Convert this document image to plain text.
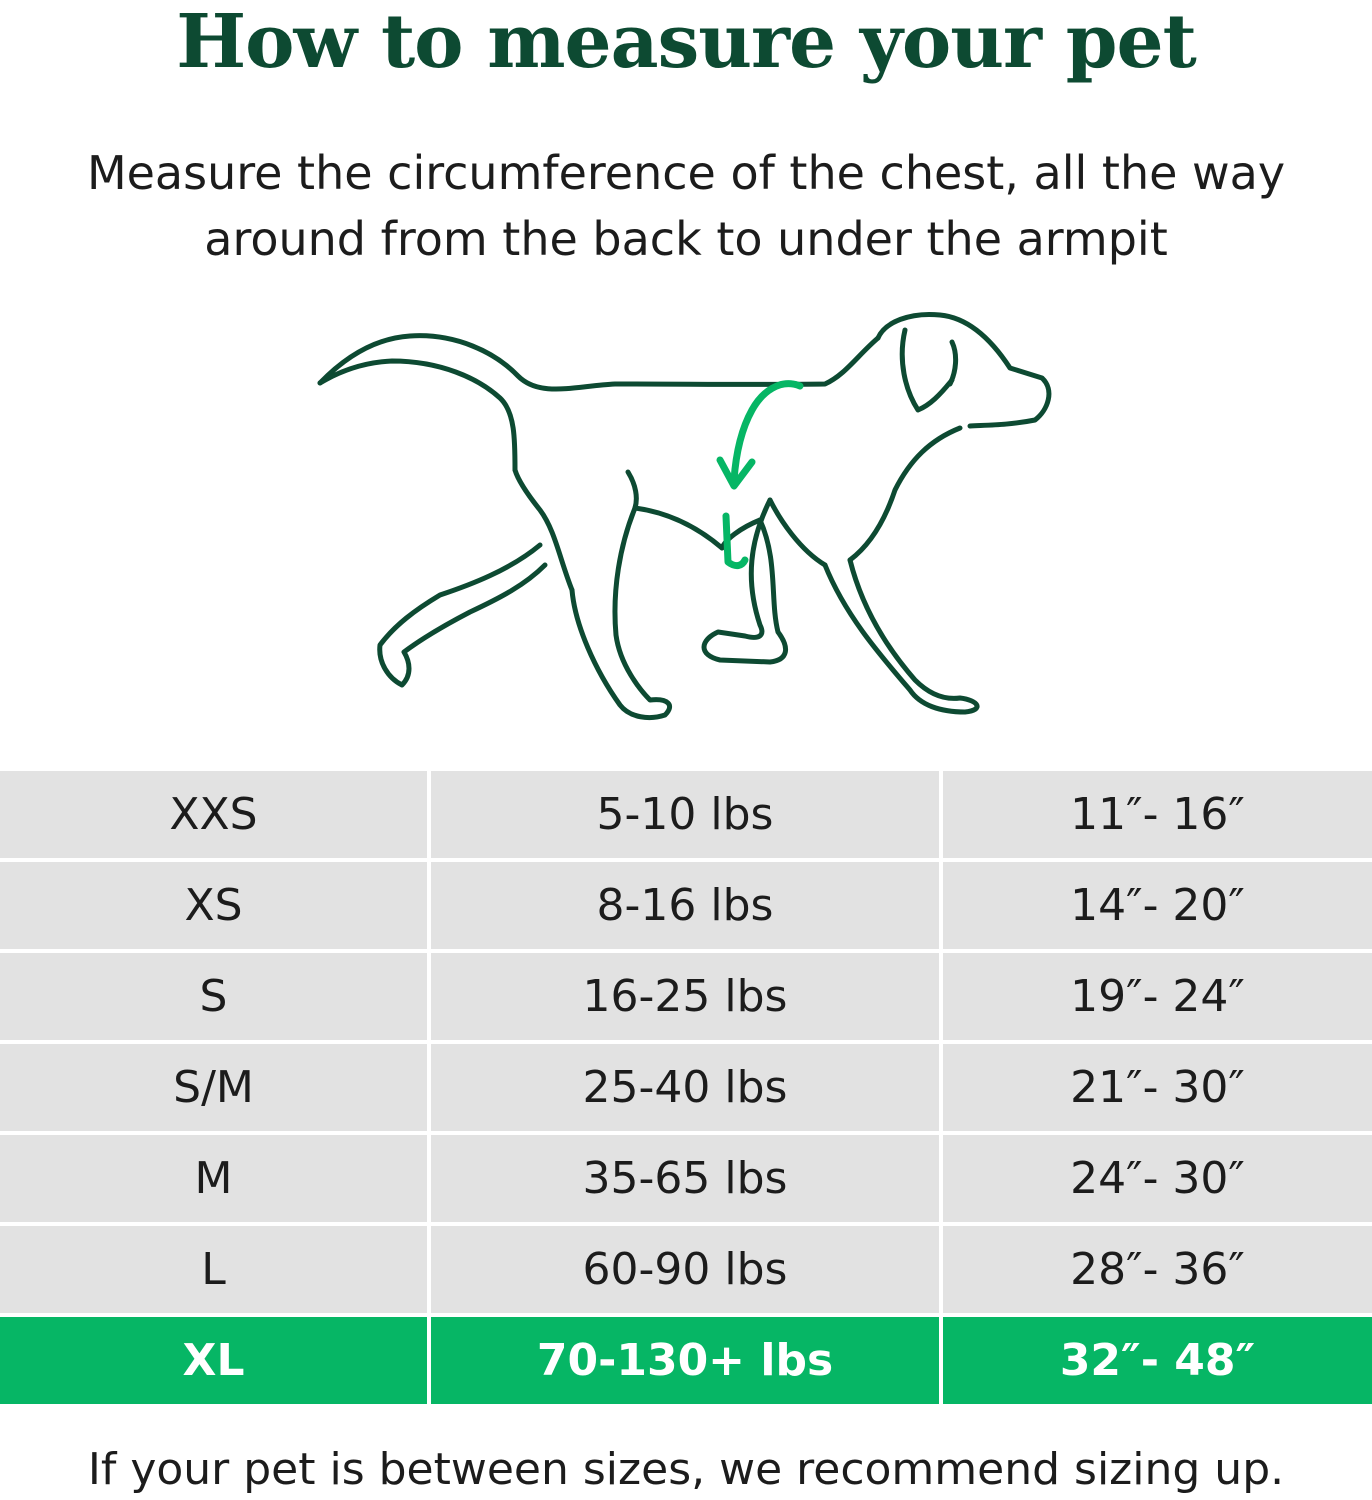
How to measure your pet

Measure the circumference of the chest, all the way around from the back to under the armpit

XXS	5-10 lbs	11″- 16″
XS	8-16 lbs	14″- 20″
S	16-25 lbs	19″- 24″
S/M	25-40 lbs	21″- 30″
M	35-65 lbs	24″- 30″
L	60-90 lbs	28″- 36″
XL	70-130+ lbs	32″- 48″

If your pet is between sizes, we recommend sizing up.
